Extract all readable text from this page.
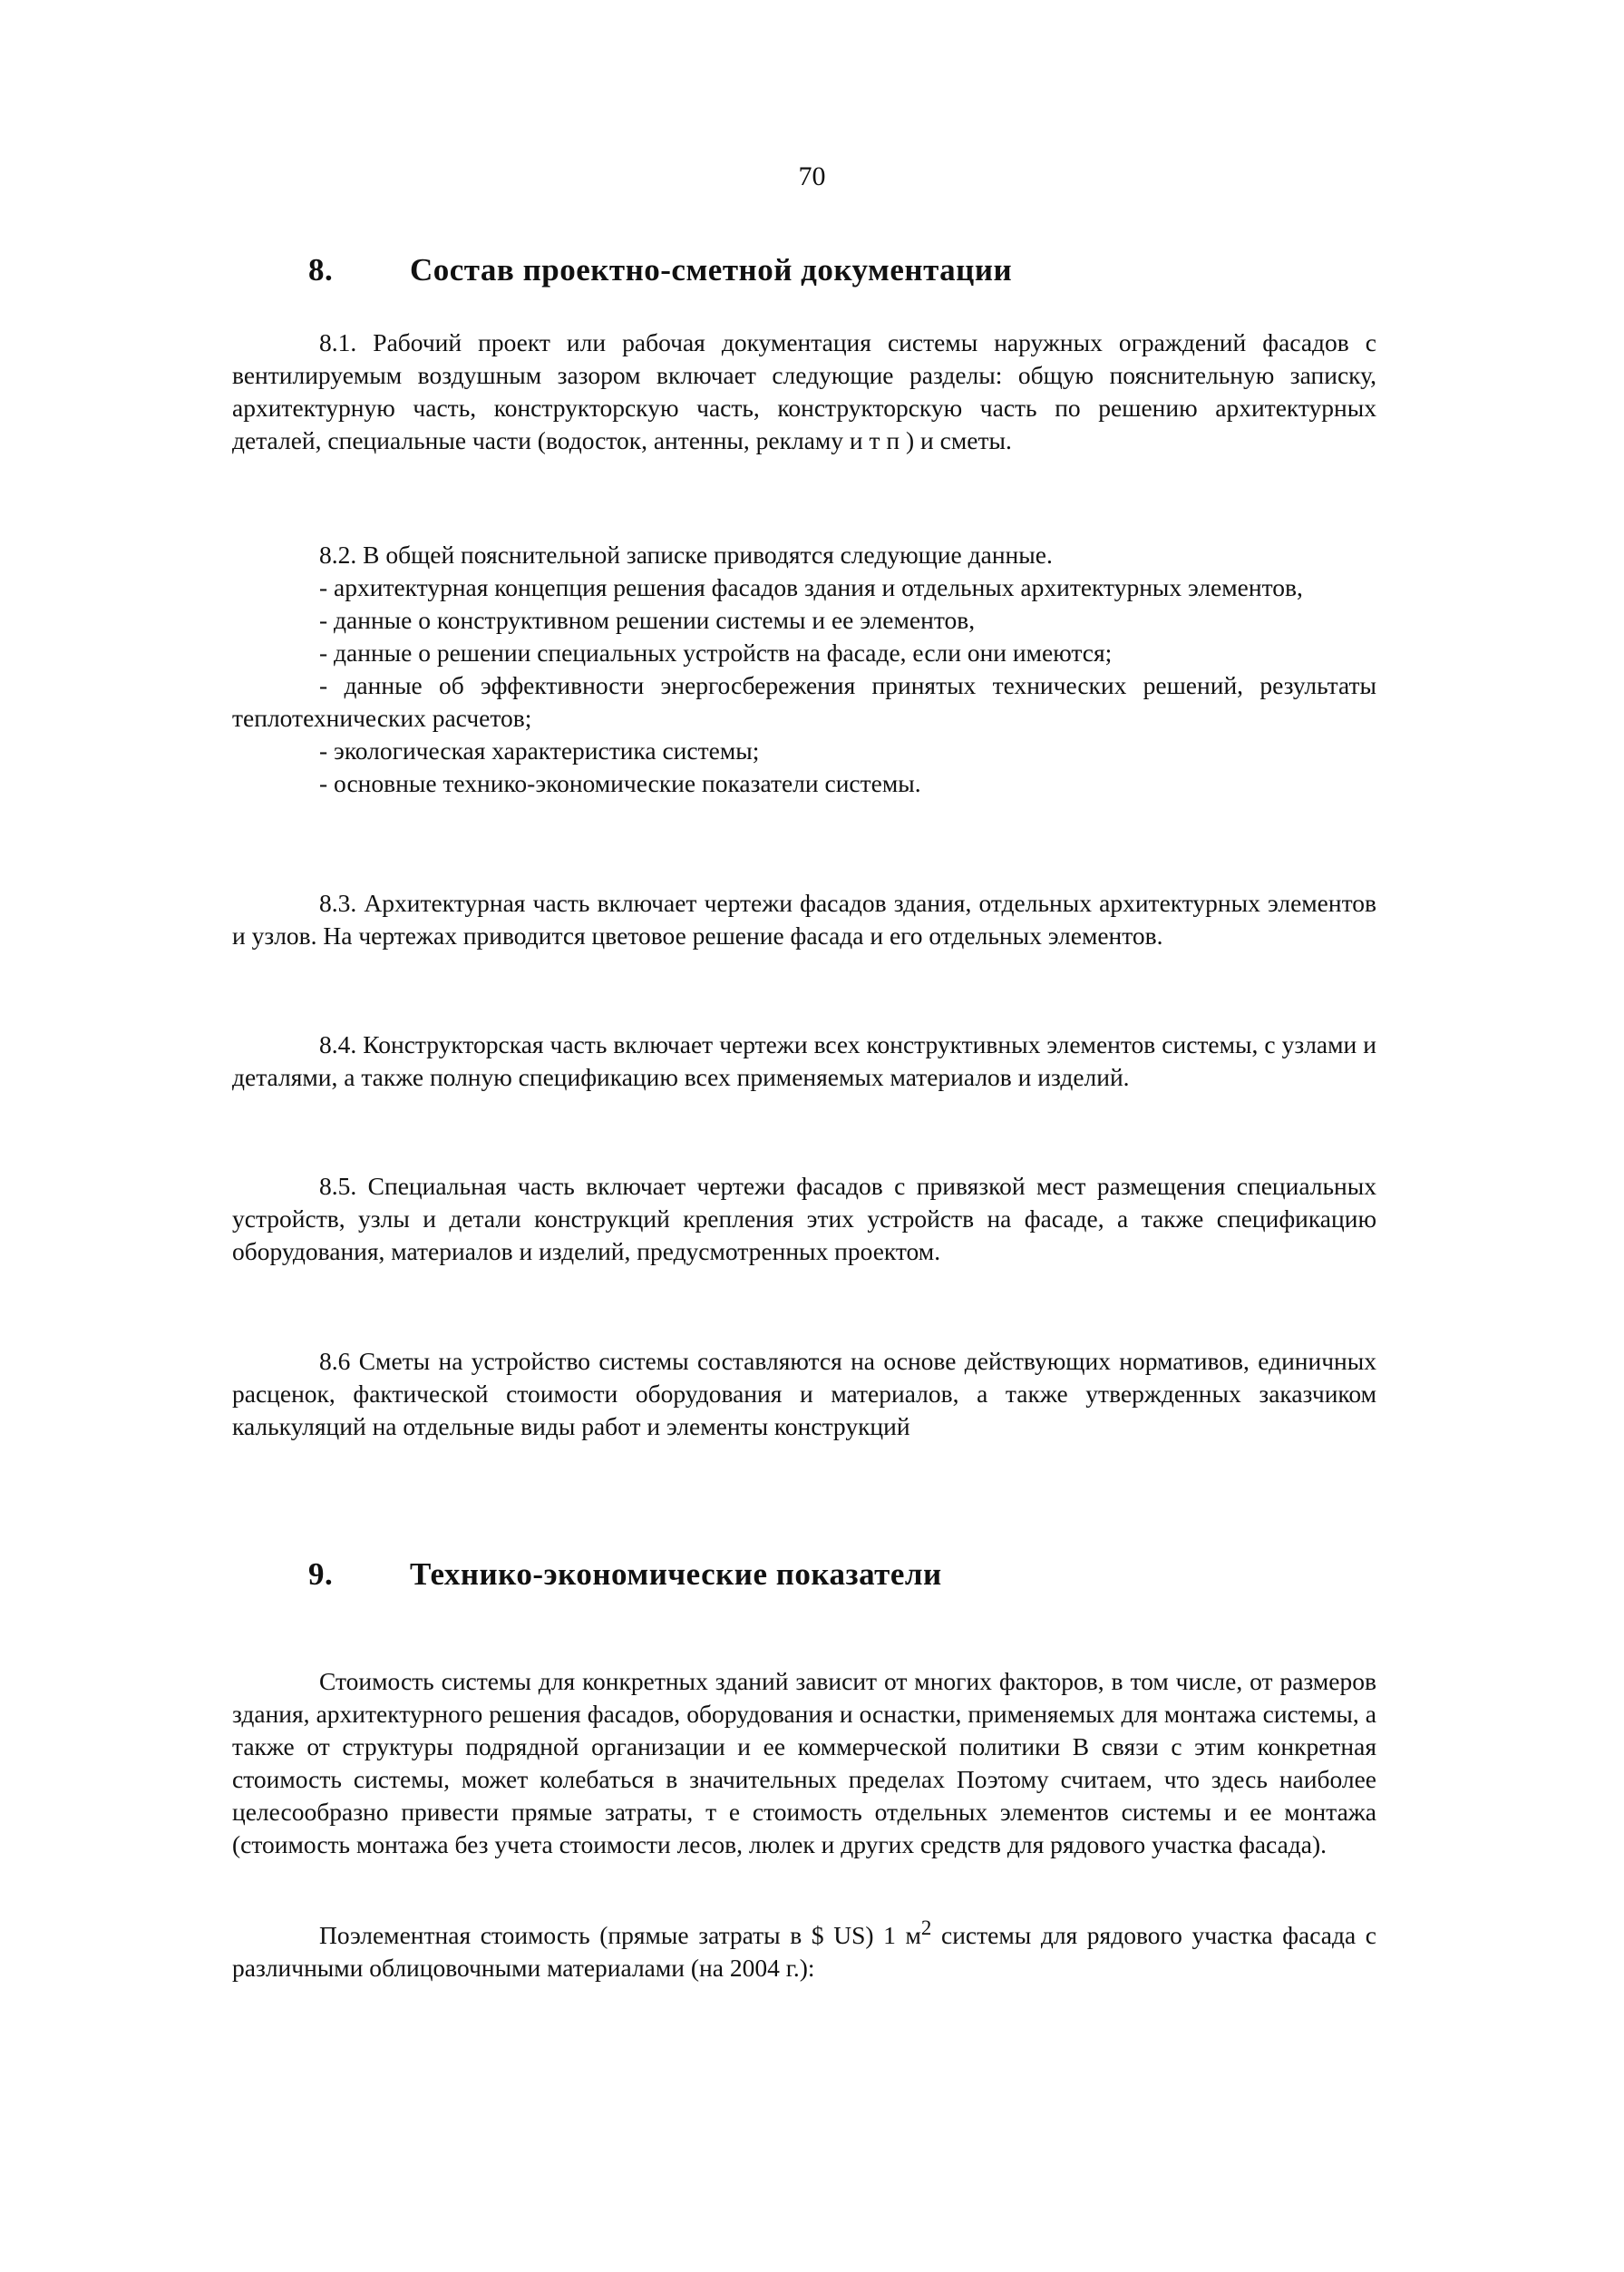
70
8. Состав проектно-сметной документации

8.1. Рабочий проект или рабочая документация системы наружных ограждений фасадов с вентилируемым воздушным зазором включает следующие разделы: общую пояснительную записку, архитектурную часть, конструкторскую часть, конструкторскую часть по решению архитектурных деталей, специальные части (водосток, антенны, рекламу и т п ) и сметы.

8.2. В общей пояснительной записке приводятся следующие данные.
- архитектурная концепция решения фасадов здания и отдельных архитектурных элементов,
- данные о конструктивном решении системы и ее элементов,
- данные о решении специальных устройств на фасаде, если они имеются;
- данные об эффективности энергосбережения принятых технических решений, результаты теплотехнических расчетов;
- экологическая характеристика системы;
- основные технико-экономические показатели системы.

8.3. Архитектурная часть включает чертежи фасадов здания, отдельных архитектурных элементов и узлов. На чертежах приводится цветовое решение фасада и его отдельных элементов.

8.4. Конструкторская часть включает чертежи всех конструктивных элементов системы, с узлами и деталями, а также полную спецификацию всех применяемых материалов и изделий.

8.5. Специальная часть включает чертежи фасадов с привязкой мест размещения специальных устройств, узлы и детали конструкций крепления этих устройств на фасаде, а также спецификацию оборудования, материалов и изделий, предусмотренных проектом.

8.6 Сметы на устройство системы составляются на основе действующих нормативов, единичных расценок, фактической стоимости оборудования и материалов, а также утвержденных заказчиком калькуляций на отдельные виды работ и элементы конструкций

9. Технико-экономические показатели

Стоимость системы для конкретных зданий зависит от многих факторов, в том числе, от размеров здания, архитектурного решения фасадов, оборудования и оснастки, применяемых для монтажа системы, а также от структуры подрядной организации и ее коммерческой политики В связи с этим конкретная стоимость системы, может колебаться в значительных пределах Поэтому считаем, что здесь наиболее целесообразно привести прямые затраты, т е стоимость отдельных элементов системы и ее монтажа (стоимость монтажа без учета стоимости лесов, люлек и других средств для рядового участка фасада).

Поэлементная стоимость (прямые затраты в $ US) 1 $м^2$ системы для рядового участка фасада с различными облицовочными материалами (на 2004 г.):
